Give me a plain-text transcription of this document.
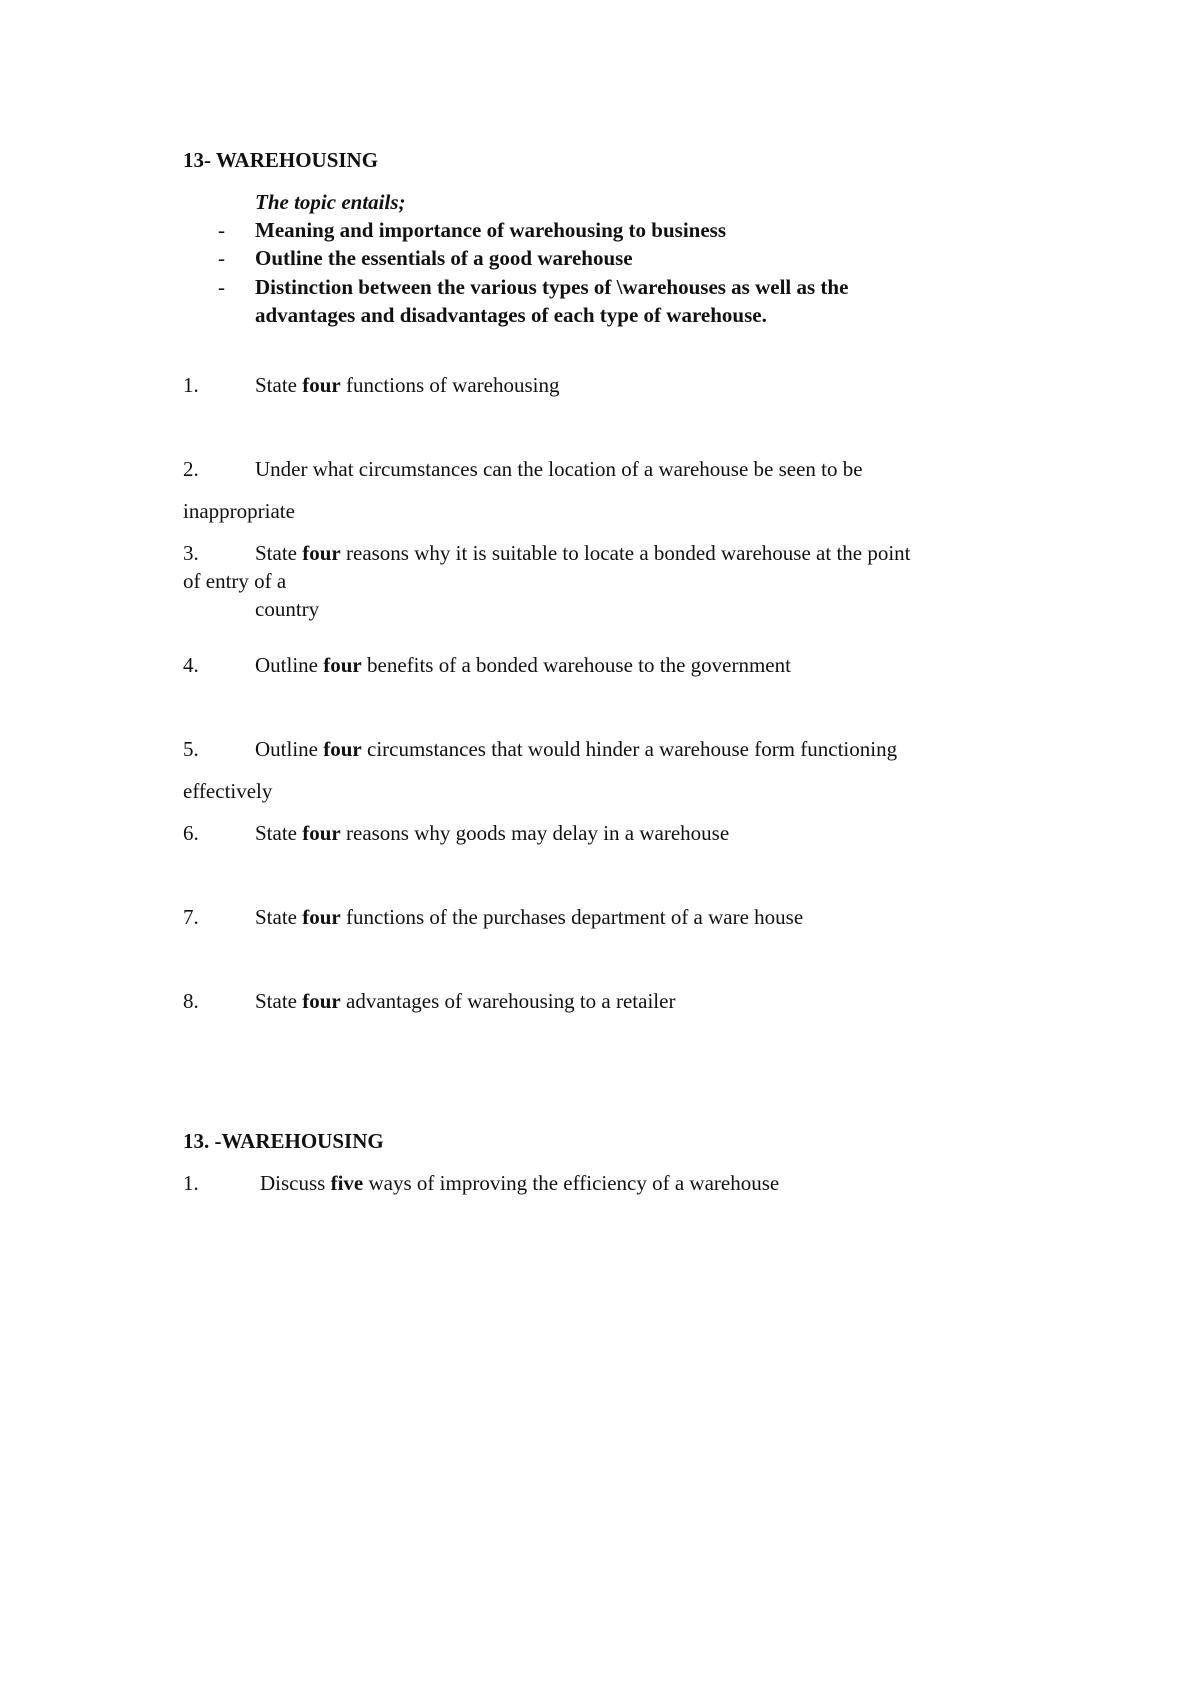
13- WAREHOUSING
The topic entails;
- Meaning and importance of warehousing to business
- Outline the essentials of a good warehouse
- Distinction between the various types of \warehouses as well as the
advantages and disadvantages of each type of warehouse.
1.	State four functions of warehousing
2.	Under what circumstances can the location of a warehouse be seen to be
inappropriate
3.	State four reasons why it is suitable to locate a bonded warehouse at the point
of entry of a
country
4.	Outline four benefits of a bonded warehouse to the government
5.	Outline four circumstances that would hinder a warehouse form functioning
effectively
6.	State four reasons why goods may delay in a warehouse
7.	State four functions of the purchases department of a ware house
8.	State four advantages of warehousing to a retailer
13. -WAREHOUSING
1.	Discuss five ways of improving the efficiency of a warehouse
